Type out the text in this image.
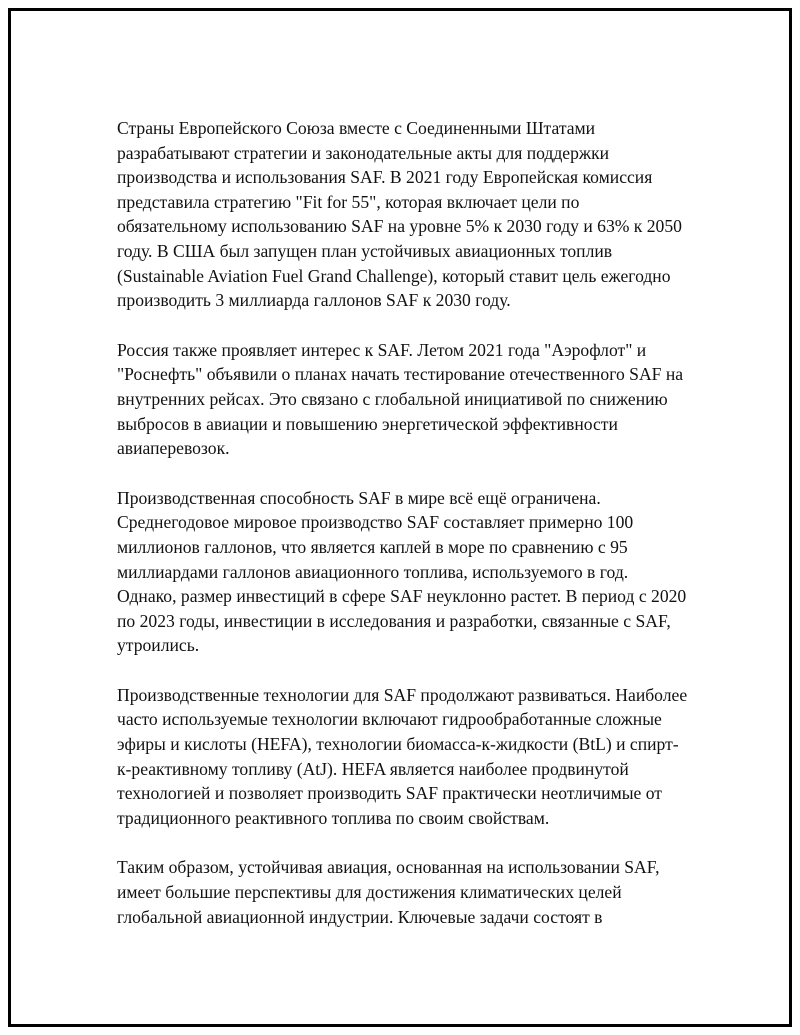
Страны Европейского Союза вместе с Соединенными Штатами разрабатывают стратегии и законодательные акты для поддержки производства и использования SAF. В 2021 году Европейская комиссия представила стратегию "Fit for 55", которая включает цели по обязательному использованию SAF на уровне 5% к 2030 году и 63% к 2050 году. В США был запущен план устойчивых авиационных топлив (Sustainable Aviation Fuel Grand Challenge), который ставит цель ежегодно производить 3 миллиарда галлонов SAF к 2030 году.

Россия также проявляет интерес к SAF. Летом 2021 года "Аэрофлот" и "Роснефть" объявили о планах начать тестирование отечественного SAF на внутренних рейсах. Это связано с глобальной инициативой по снижению выбросов в авиации и повышению энергетической эффективности авиаперевозок.

Производственная способность SAF в мире всё ещё ограничена. Среднегодовое мировое производство SAF составляет примерно 100 миллионов галлонов, что является каплей в море по сравнению с 95 миллиардами галлонов авиационного топлива, используемого в год. Однако, размер инвестиций в сфере SAF неуклонно растет. В период с 2020 по 2023 годы, инвестиции в исследования и разработки, связанные с SAF, утроились.

Производственные технологии для SAF продолжают развиваться. Наиболее часто используемые технологии включают гидрообработанные сложные эфиры и кислоты (HEFA), технологии биомасса-к-жидкости (BtL) и спирт-к-реактивному топливу (AtJ). HEFA является наиболее продвинутой технологией и позволяет производить SAF практически неотличимые от традиционного реактивного топлива по своим свойствам.

Таким образом, устойчивая авиация, основанная на использовании SAF, имеет большие перспективы для достижения климатических целей глобальной авиационной индустрии. Ключевые задачи состоят в
